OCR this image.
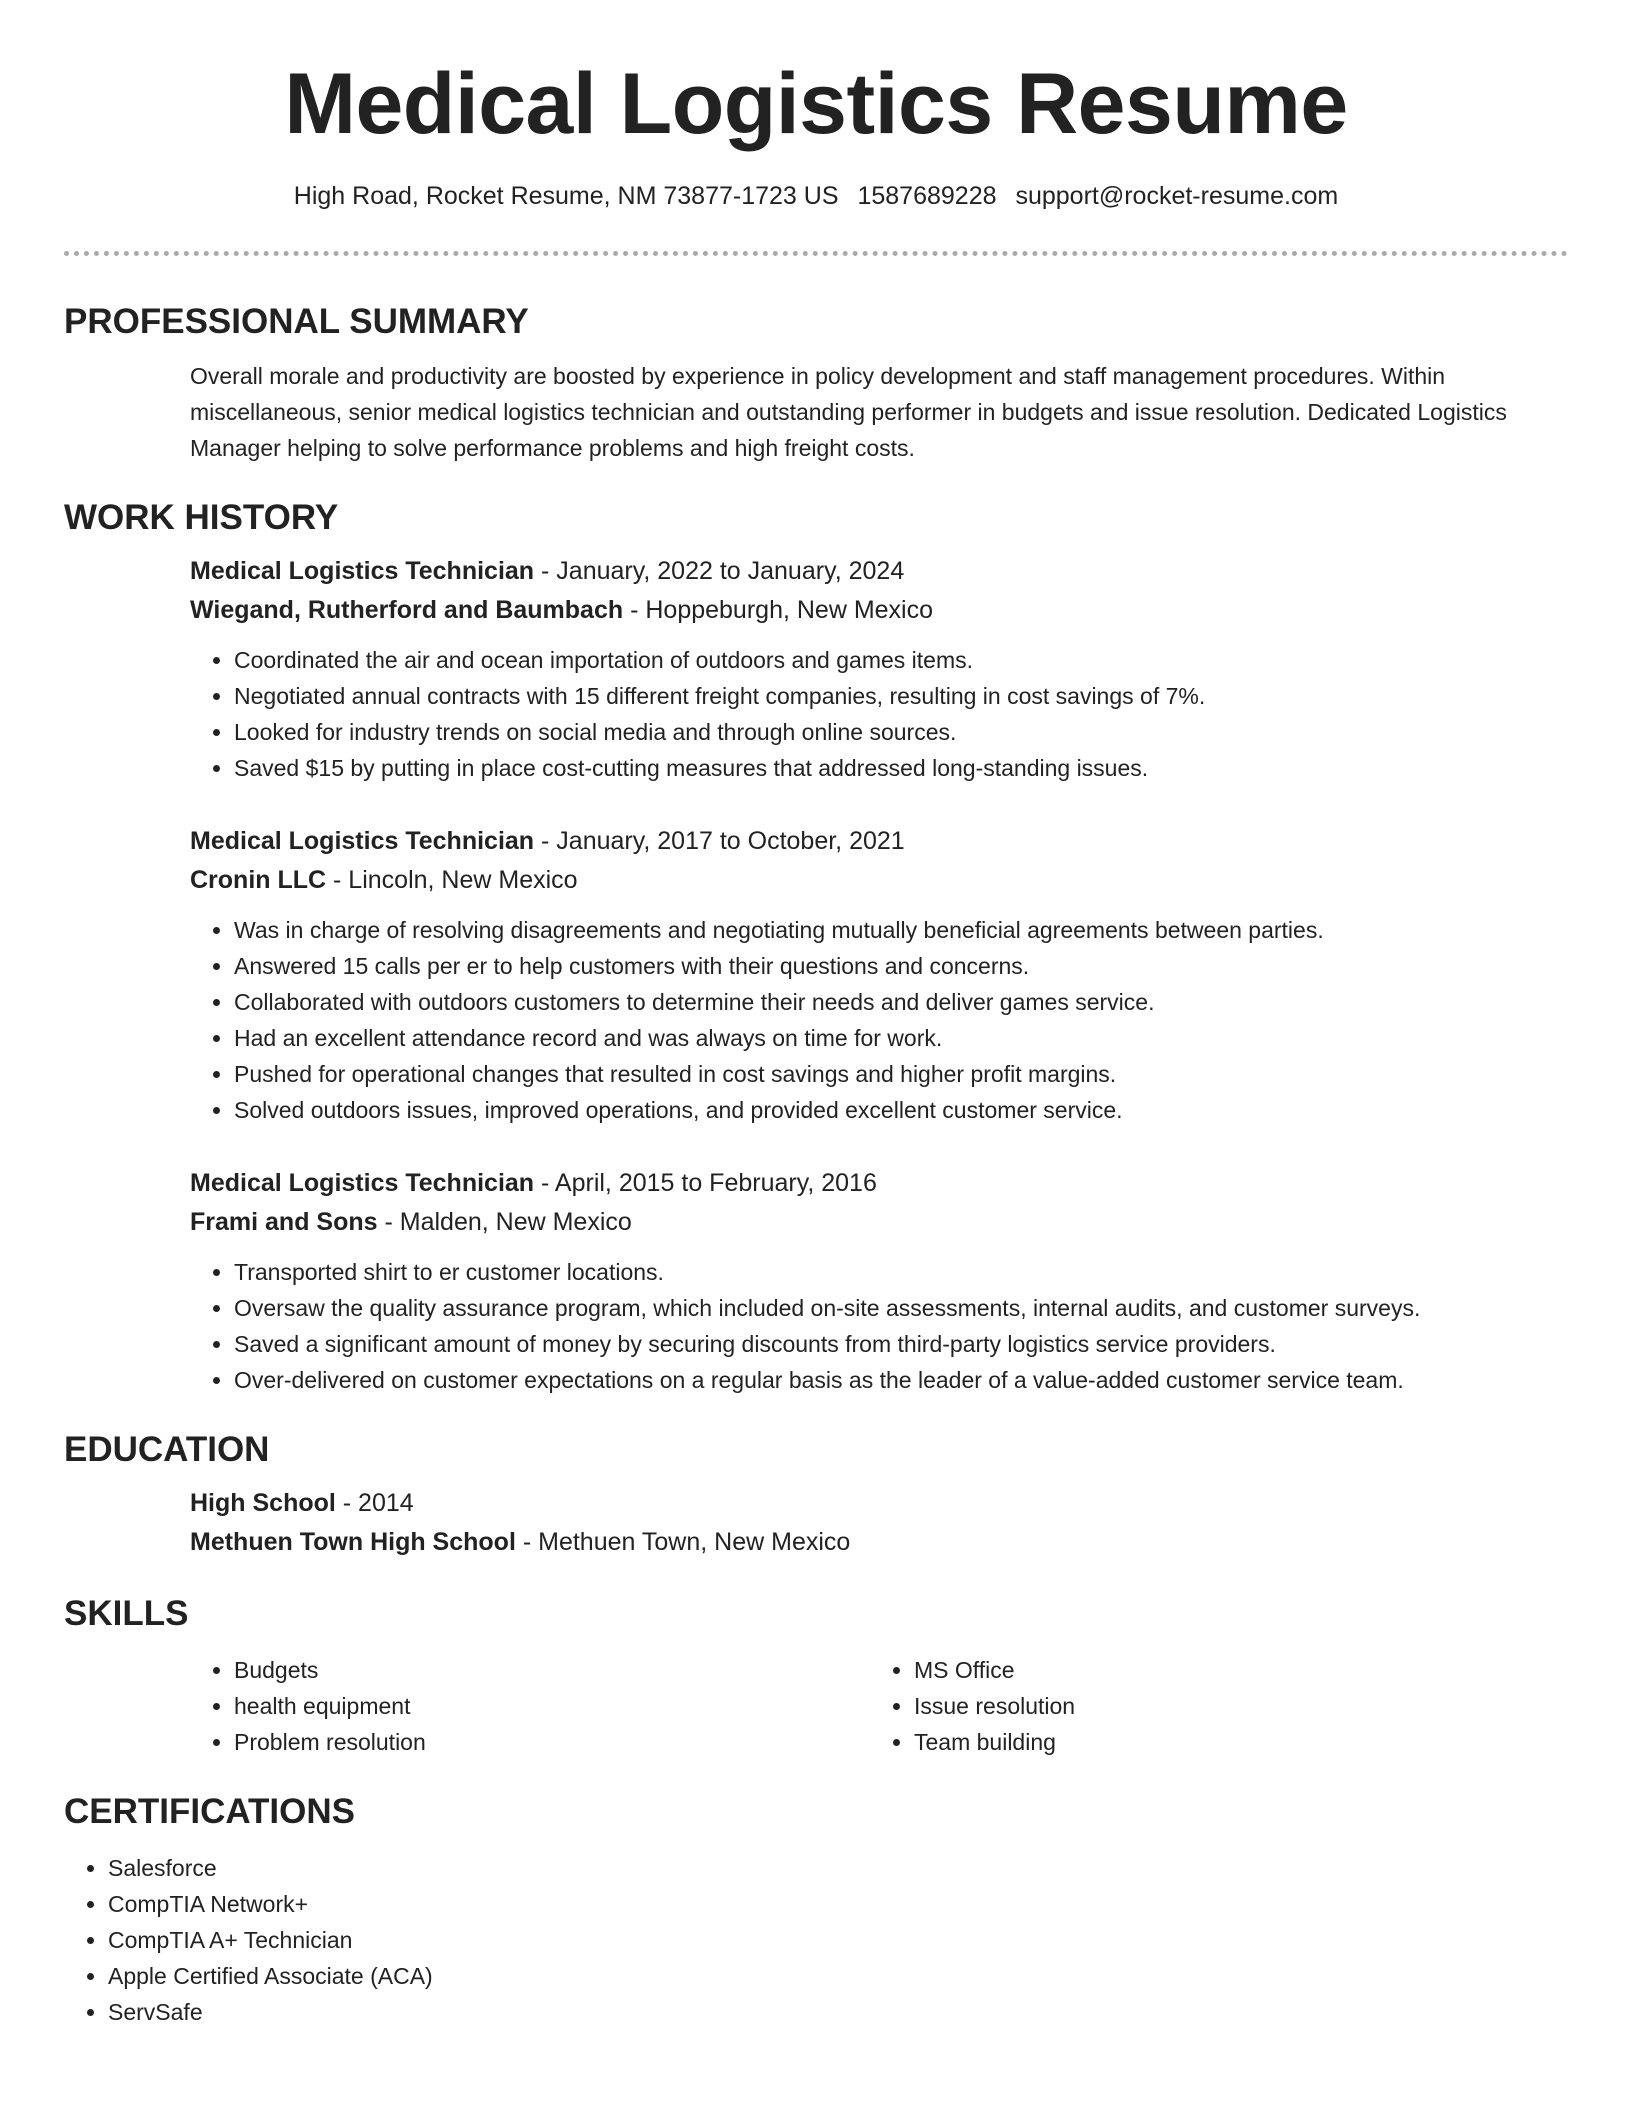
Medical Logistics Resume
High Road, Rocket Resume, NM 73877-1723 US 1587689228 support@rocket-resume.com
PROFESSIONAL SUMMARY

Overall morale and productivity are boosted by experience in policy development and staff management procedures. Within miscellaneous, senior medical logistics technician and outstanding performer in budgets and issue resolution. Dedicated Logistics Manager helping to solve performance problems and high freight costs.

WORK HISTORY
Medical Logistics Technician - January, 2022 to January, 2024
Wiegand, Rutherford and Baumbach - Hoppeburgh, New Mexico
• Coordinated the air and ocean importation of outdoors and games items.
• Negotiated annual contracts with 15 different freight companies, resulting in cost savings of 7%.
• Looked for industry trends on social media and through online sources.
• Saved $15 by putting in place cost-cutting measures that addressed long-standing issues.
Medical Logistics Technician - January, 2017 to October, 2021
Cronin LLC - Lincoln, New Mexico
• Was in charge of resolving disagreements and negotiating mutually beneficial agreements between parties.
• Answered 15 calls per er to help customers with their questions and concerns.
• Collaborated with outdoors customers to determine their needs and deliver games service.
• Had an excellent attendance record and was always on time for work.
• Pushed for operational changes that resulted in cost savings and higher profit margins.
• Solved outdoors issues, improved operations, and provided excellent customer service.
Medical Logistics Technician - April, 2015 to February, 2016
Frami and Sons - Malden, New Mexico
• Transported shirt to er customer locations.
• Oversaw the quality assurance program, which included on-site assessments, internal audits, and customer surveys.
• Saved a significant amount of money by securing discounts from third-party logistics service providers.
• Over-delivered on customer expectations on a regular basis as the leader of a value-added customer service team.
EDUCATION
High School - 2014
Methuen Town High School - Methuen Town, New Mexico
SKILLS
• Budgets
• health equipment
• Problem resolution
• MS Office
• Issue resolution
• Team building
CERTIFICATIONS
• Salesforce
• CompTIA Network+
• CompTIA A+ Technician
• Apple Certified Associate (ACA)
• ServSafe
